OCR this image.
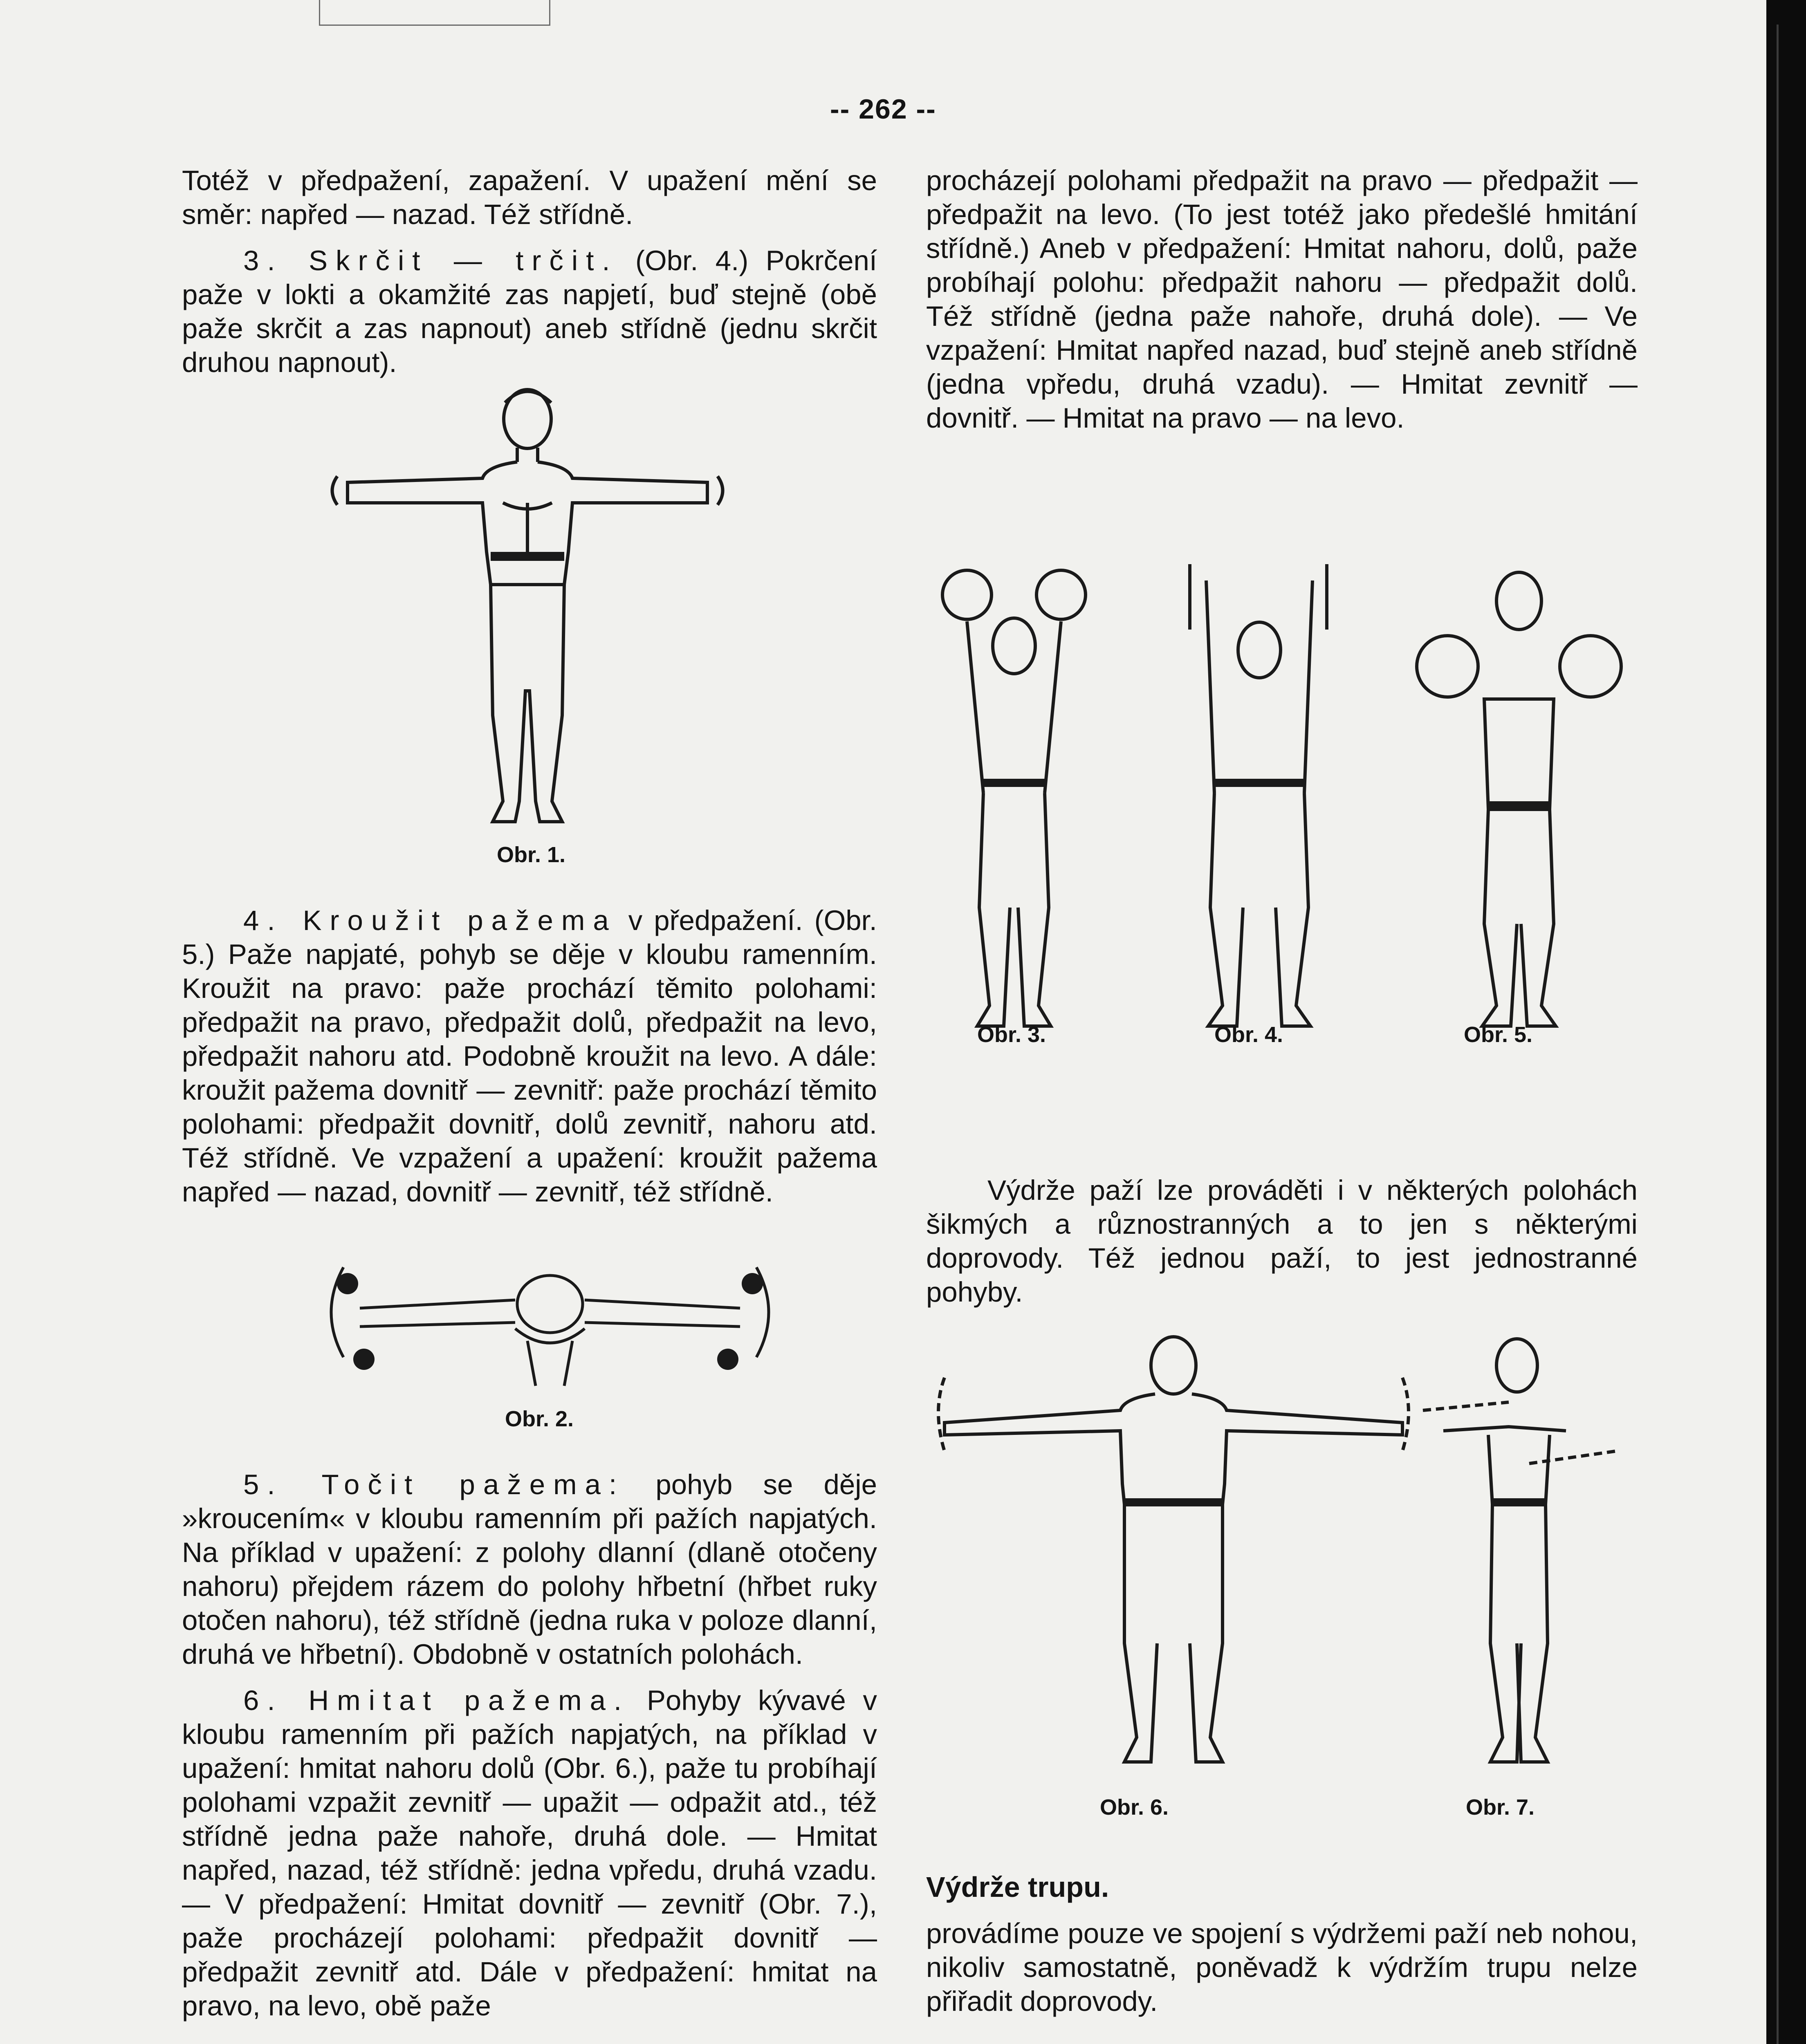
-- 262 --

Totéž v předpažení, zapažení. V upažení mění se směr: napřed — nazad. Též střídně.

3. Skrčit — trčit. (Obr. 4.) Pokrčení paže v lokti a okamžité zas napjetí, buď stejně (obě paže skrčit a zas napnout) aneb střídně (jednu skrčit druhou napnout).

Obr. 1.

4. Kroužit pažema v předpažení. (Obr. 5.) Paže napjaté, pohyb se děje v kloubu ramenním. Kroužit na pravo: paže prochází těmito polohami: předpažit na pravo, předpažit dolů, předpažit na levo, předpažit nahoru atd. Podobně kroužit na levo. A dále: kroužit pažema dovnitř — zevnitř: paže prochází těmito polohami: předpažit dovnitř, dolů zevnitř, nahoru atd. Též střídně. Ve vzpažení a upažení: kroužit pažema napřed — nazad, dovnitř — zevnitř, též střídně.

Obr. 2.

5. Točit pažema: pohyb se děje »kroucením« v kloubu ramenním při pažích napjatých. Na příklad v upažení: z polohy dlanní (dlaně otočeny nahoru) přejdem rázem do polohy hřbetní (hřbet ruky otočen nahoru), též střídně (jedna ruka v poloze dlanní, druhá ve hřbetní). Obdobně v ostatních polohách.

6. Hmitat pažema. Pohyby kývavé v kloubu ramenním při pažích napjatých, na příklad v upažení: hmitat nahoru dolů (Obr. 6.), paže tu probíhají polohami vzpažit zevnitř — upažit — odpažit atd., též střídně jedna paže nahoře, druhá dole. — Hmitat napřed, nazad, též střídně: jedna vpředu, druhá vzadu. — V předpažení: Hmitat dovnitř — zevnitř (Obr. 7.), paže procházejí polohami: předpažit dovnitř — předpažit zevnitř atd. Dále v předpažení: hmitat na pravo, na levo, obě paže

procházejí polohami předpažit na pravo — předpažit — předpažit na levo. (To jest totéž jako předešlé hmitání střídně.) Aneb v předpažení: Hmitat nahoru, dolů, paže probíhají polohu: předpažit nahoru — předpažit dolů. Též střídně (jedna paže nahoře, druhá dole). — Ve vzpažení: Hmitat napřed nazad, buď stejně aneb střídně (jedna vpředu, druhá vzadu). — Hmitat zevnitř — dovnitř. — Hmitat na pravo — na levo.

Obr. 3.	Obr. 4.	Obr. 5.

Výdrže paží lze prováděti i v některých polohách šikmých a různostranných a to jen s některými doprovody. Též jednou paží, to jest jednostranné pohyby.

Obr. 6.	Obr. 7.

Výdrže trupu.

provádíme pouze ve spojení s výdržemi paží neb nohou, nikoliv samostatně, poněvadž k výdržím trupu nelze přiřadit doprovody.
